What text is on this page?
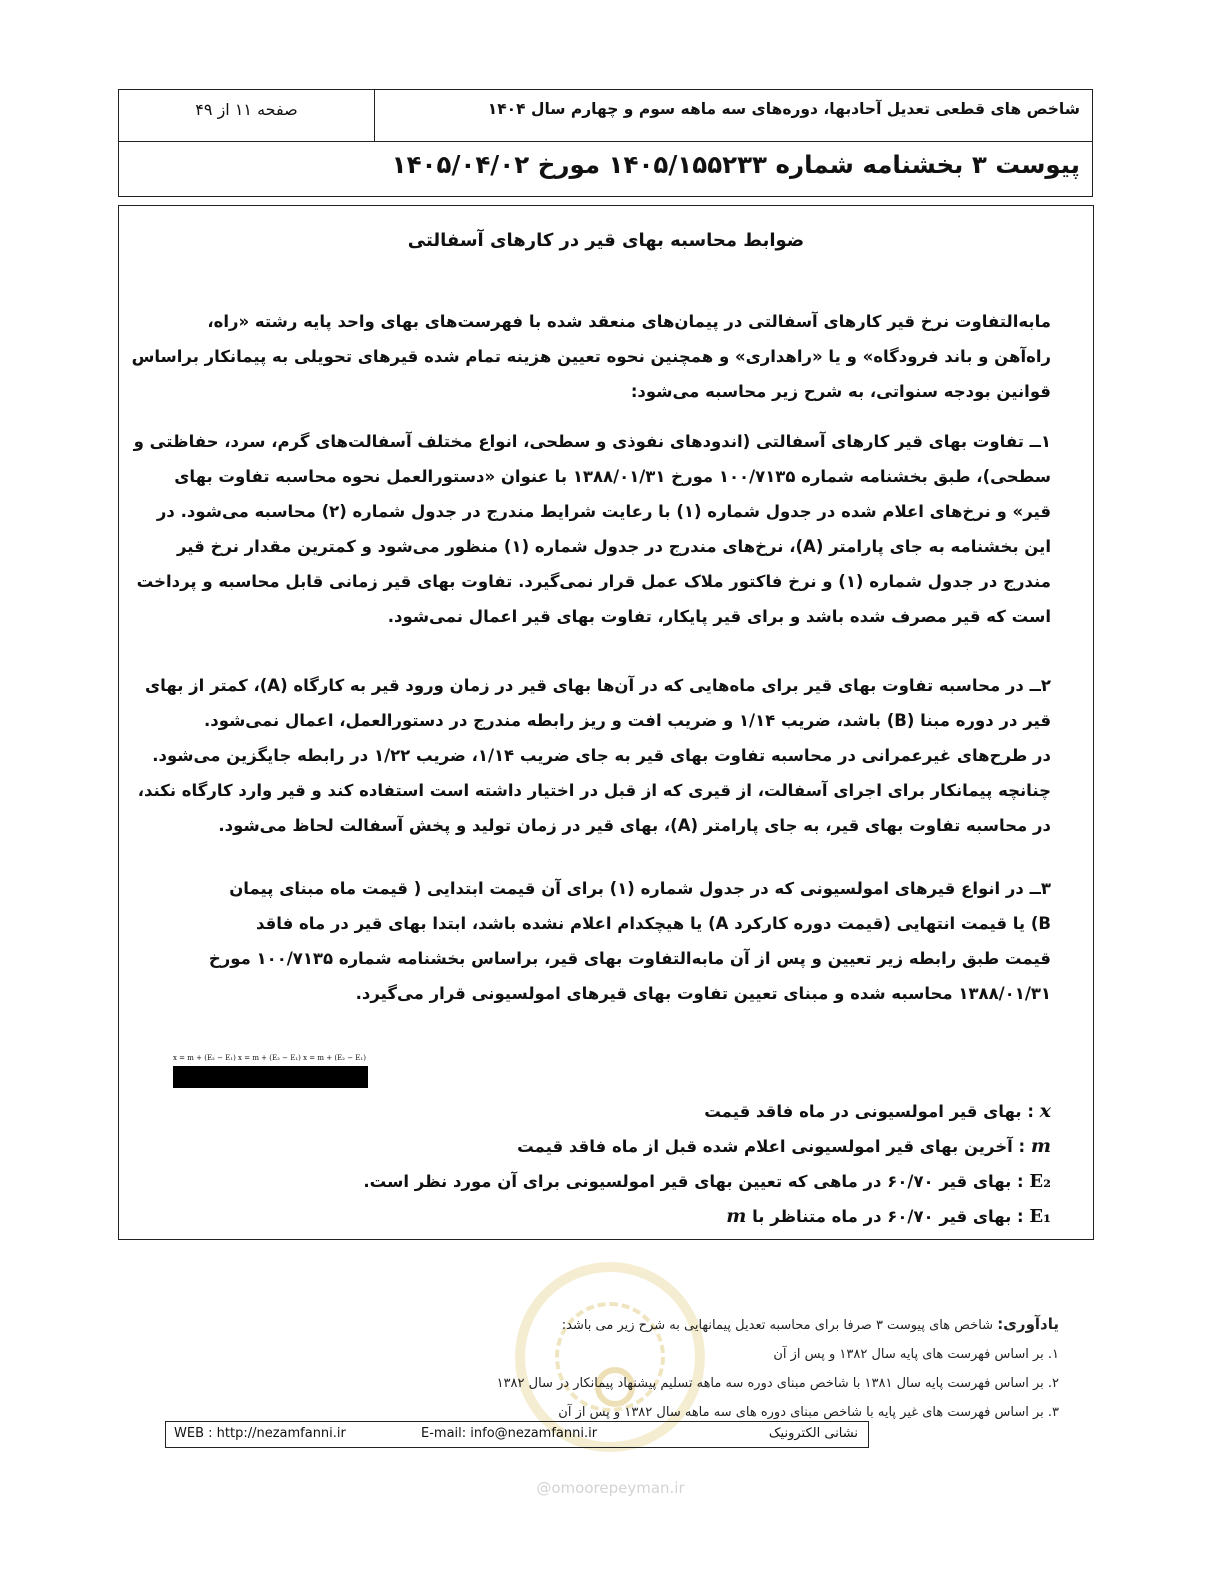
شاخص های قطعی تعدیل آحادبها، دوره‌های سه ماهه سوم و چهارم سال ۱۴۰۴
صفحه ۱۱ از ۴۹
پیوست ۳ بخشنامه شماره ۱۴۰۵/۱۵۵۲۳۳ مورخ ۱۴۰۵/۰۴/۰۲
ضوابط محاسبه بهای قیر در کارهای آسفالتی

مابه‌التفاوت نرخ قیر کارهای آسفالتی در پیمان‌های منعقد شده با فهرست‌های بهای واحد پایه رشته «راه،
راه‌آهن و باند فرودگاه» و یا «راهداری» و همچنین نحوه تعیین هزینه تمام شده قیرهای تحویلی به پیمانکار براساس
قوانین بودجه سنواتی، به شرح زیر محاسبه می‌شود:

۱ــ تفاوت بهای قیر کارهای آسفالتی (اندودهای نفوذی و سطحی، انواع مختلف آسفالت‌های گرم، سرد، حفاظتی و
سطحی)، طبق بخشنامه شماره ۱۰۰/۷۱۳۵ مورخ ۱۳۸۸/۰۱/۳۱ با عنوان «دستورالعمل نحوه محاسبه تفاوت بهای
قیر» و نرخ‌های اعلام شده در جدول شماره (۱) با رعایت شرایط مندرج در جدول شماره (۲) محاسبه می‌شود. در
این بخشنامه به جای پارامتر (A)، نرخ‌های مندرج در جدول شماره (۱) منظور می‌شود و کمترین مقدار نرخ قیر
مندرج در جدول شماره (۱) و نرخ فاکتور ملاک عمل قرار نمی‌گیرد. تفاوت بهای قیر زمانی قابل محاسبه و پرداخت
است که قیر مصرف شده باشد و برای قیر پایکار، تفاوت بهای قیر اعمال نمی‌شود.

۲ــ در محاسبه تفاوت بهای قیر برای ماه‌هایی که در آن‌ها بهای قیر در زمان ورود قیر به کارگاه (A)، کمتر از بهای
قیر در دوره مبنا (B) باشد، ضریب ۱/۱۴ و ضریب افت و ریز رابطه مندرج در دستورالعمل، اعمال نمی‌شود.
در طرح‌های غیرعمرانی در محاسبه تفاوت بهای قیر به جای ضریب ۱/۱۴، ضریب ۱/۲۲ در رابطه جایگزین می‌شود.
چنانچه پیمانکار برای اجرای آسفالت، از قیری که از قبل در اختیار داشته است استفاده کند و قیر وارد کارگاه نکند،
در محاسبه تفاوت بهای قیر، به جای پارامتر (A)، بهای قیر در زمان تولید و پخش آسفالت لحاظ می‌شود.

۳ــ در انواع قیرهای امولسیونی که در جدول شماره (۱) برای آن قیمت ابتدایی ( قیمت ماه مبنای پیمان
B) یا قیمت انتهایی (قیمت دوره کارکرد A) یا هیچکدام اعلام نشده باشد، ابتدا بهای قیر در ماه فاقد
قیمت طبق رابطه زیر تعیین و پس از آن مابه‌التفاوت بهای قیر، براساس بخشنامه شماره ۱۰۰/۷۱۳۵ مورخ
۱۳۸۸/۰۱/۳۱ محاسبه شده و مبنای تعیین تفاوت بهای قیرهای امولسیونی قرار می‌گیرد.

x = m + (E₂ − E₁) x = m + (E₂ − E₁) x = m + (E₂ − E₁)
x : بهای قیر امولسیونی در ماه فاقد قیمت
m : آخرین بهای قیر امولسیونی اعلام شده قبل از ماه فاقد قیمت
E₂ : بهای قیر ۶۰/۷۰ در ماهی که تعیین بهای قیر امولسیونی برای آن مورد نظر است.
E₁ : بهای قیر ۶۰/۷۰ در ماه متناظر با m
یادآوری: شاخص های پیوست ۳ صرفا برای محاسبه تعدیل پیمانهایی به شرح زیر می باشد:
۱. بر اساس فهرست های پایه سال ۱۳۸۲ و پس از آن
۲. بر اساس فهرست پایه سال ۱۳۸۱ با شاخص مبنای دوره سه ماهه تسلیم پیشنهاد پیمانکار در سال ۱۳۸۲
۳. بر اساس فهرست های غیر پایه با شاخص مبنای دوره های سه ماهه سال ۱۳۸۲ و پس از آن
WEB : http://nezamfanni.ir	E-mail: info@nezamfanni.ir	نشانی الکترونیک
@omoorepeyman.ir
